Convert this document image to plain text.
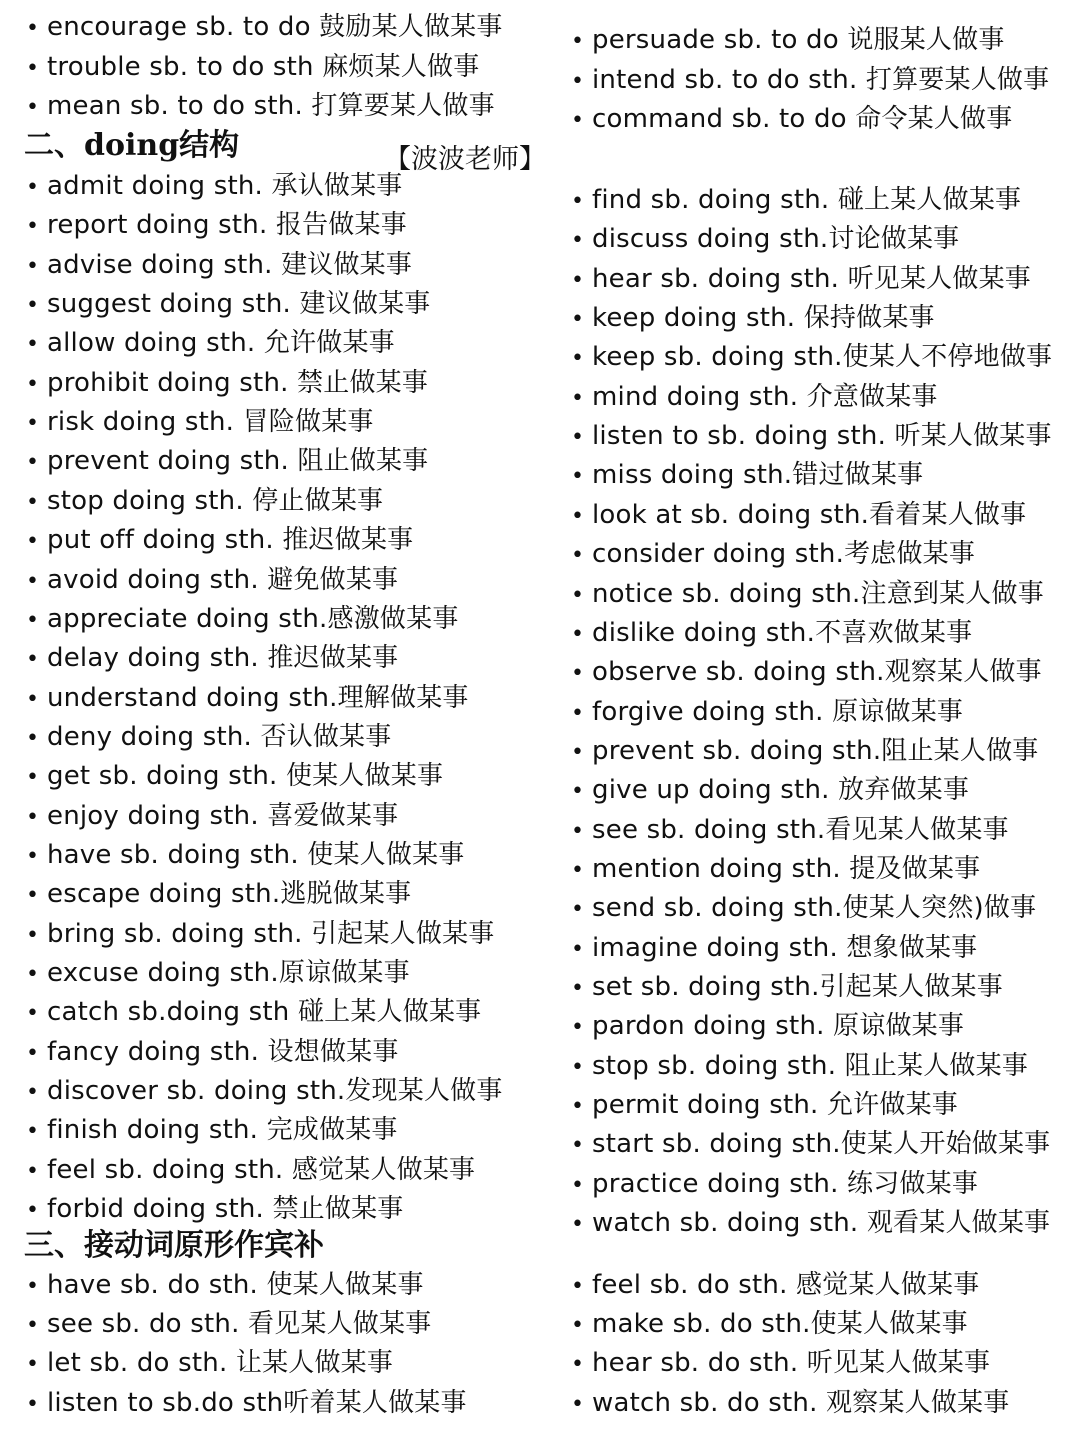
• encourage sb. to do 鼓励某人做某事
• trouble sb. to do sth 麻烦某人做事
• mean sb. to do sth. 打算要某人做事
• admit doing sth. 承认做某事
• report doing sth. 报告做某事
• advise doing sth. 建议做某事
• suggest doing sth. 建议做某事
• allow doing sth. 允许做某事
• prohibit doing sth. 禁止做某事
• risk doing sth. 冒险做某事
• prevent doing sth. 阻止做某事
• stop doing sth. 停止做某事
• put off doing sth. 推迟做某事
• avoid doing sth. 避免做某事
• appreciate doing sth.感激做某事
• delay doing sth. 推迟做某事
• understand doing sth.理解做某事
• deny doing sth. 否认做某事
• get sb. doing sth. 使某人做某事
• enjoy doing sth. 喜爱做某事
• have sb. doing sth. 使某人做某事
• escape doing sth.逃脱做某事
• bring sb. doing sth. 引起某人做某事
• excuse doing sth.原谅做某事
• catch sb.doing sth 碰上某人做某事
• fancy doing sth. 设想做某事
• discover sb. doing sth.发现某人做事
• finish doing sth. 完成做某事
• feel sb. doing sth. 感觉某人做某事
• forbid doing sth. 禁止做某事
• have sb. do sth. 使某人做某事
• see sb. do sth. 看见某人做某事
• let sb. do sth. 让某人做某事
• listen to sb.do sth听着某人做某事
• persuade sb. to do 说服某人做事
• intend sb. to do sth. 打算要某人做事
• command sb. to do 命令某人做事
• find sb. doing sth. 碰上某人做某事
• discuss doing sth.讨论做某事
• hear sb. doing sth. 听见某人做某事
• keep doing sth. 保持做某事
• keep sb. doing sth.使某人不停地做事
• mind doing sth. 介意做某事
• listen to sb. doing sth. 听某人做某事
• miss doing sth.错过做某事
• look at sb. doing sth.看着某人做事
• consider doing sth.考虑做某事
• notice sb. doing sth.注意到某人做事
• dislike doing sth.不喜欢做某事
• observe sb. doing sth.观察某人做事
• forgive doing sth. 原谅做某事
• prevent sb. doing sth.阻止某人做事
• give up doing sth. 放弃做某事
• see sb. doing sth.看见某人做某事
• mention doing sth. 提及做某事
• send sb. doing sth.使某人突然)做事
• imagine doing sth. 想象做某事
• set sb. doing sth.引起某人做某事
• pardon doing sth. 原谅做某事
• stop sb. doing sth. 阻止某人做某事
• permit doing sth. 允许做某事
• start sb. doing sth.使某人开始做某事
• practice doing sth. 练习做某事
• watch sb. doing sth. 观看某人做某事
• feel sb. do sth. 感觉某人做某事
• make sb. do sth.使某人做某事
• hear sb. do sth. 听见某人做某事
• watch sb. do sth. 观察某人做某事
二、doing结构	【波波老师】
三、接动词原形作宾补
